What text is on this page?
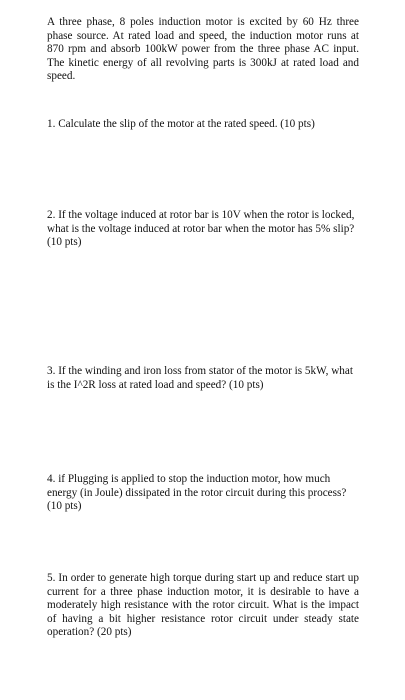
A three phase, 8 poles induction motor is excited by 60 Hz three phase source. At rated load and speed, the induction motor runs at 870 rpm and absorb 100kW power from the three phase AC input. The kinetic energy of all revolving parts is 300kJ at rated load and speed.
1. Calculate the slip of the motor at the rated speed. (10 pts)
2. If the voltage induced at rotor bar is 10V when the rotor is locked, what is the voltage induced at rotor bar when the motor has 5% slip? (10 pts)
3. If the winding and iron loss from stator of the motor is 5kW, what is the I^2R loss at rated load and speed? (10 pts)
4. if Plugging is applied to stop the induction motor, how much energy (in Joule) dissipated in the rotor circuit during this process? (10 pts)
5. In order to generate high torque during start up and reduce start up current for a three phase induction motor, it is desirable to have a moderately high resistance with the rotor circuit. What is the impact of having a bit higher resistance rotor circuit under steady state operation? (20 pts)
